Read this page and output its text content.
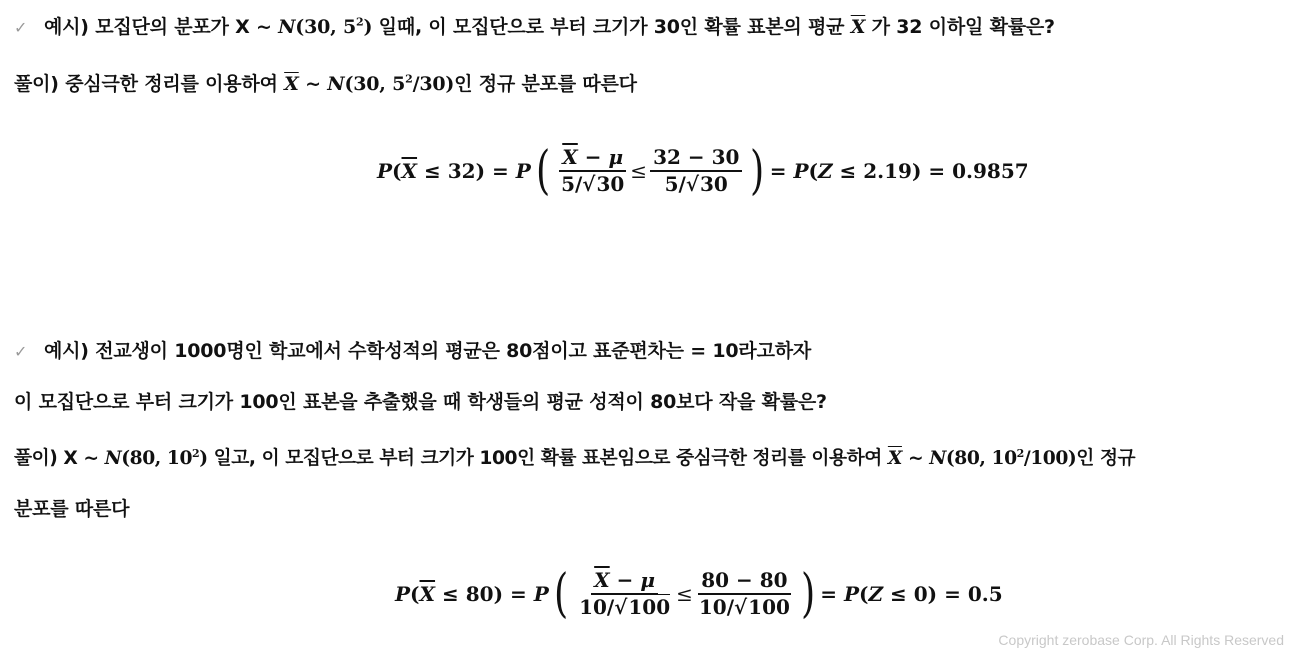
✓ 예시) 모집단의 분포가 X ~ N(30, $5^2$) 일때, 이 모집단으로 부터 크기가 30인 확률 표본의 평균 $\overline{X}$ 가 32 이하일 확률은?
풀이) 중심극한 정리를 이용하여 $\overline{X}$ ~ N(30, $5^2/30$)인 정규 분포를 따른다
P ( $\overline{X} \le 32) = P$ ( $\frac{\overline{X} - \mu}{5/√30} \le \frac{32 - 30}{5/√30}$ ) = P ( Z ≤ 2.19) = 0.9857
✓ 예시) 전교생이 1000명인 학교에서 수학성적의 평균은 80점이고 표준편차는 = 10라고하자
이 모집단으로 부터 크기가 100인 표본을 추출했을 때 학생들의 평균 성적이 80보다 작을 확률은?
풀이) X ~ N(80, $10^2$) 일고, 이 모집단으로 부터 크기가 100인 확률 표본임으로 중심극한 정리를 이용하여 $\overline{X}$ ~ N(80, $10^2/100$)인 정규
분포를 따른다
P ( $\overline{X} \le 80) = P$ ( $\frac{\overline{X} - \mu}{10/√100} \le \frac{80 - 80}{10/√100}$ ) = P ( Z ≤ 0) = 0.5
Copyright zerobase Corp. All Rights Reserved
